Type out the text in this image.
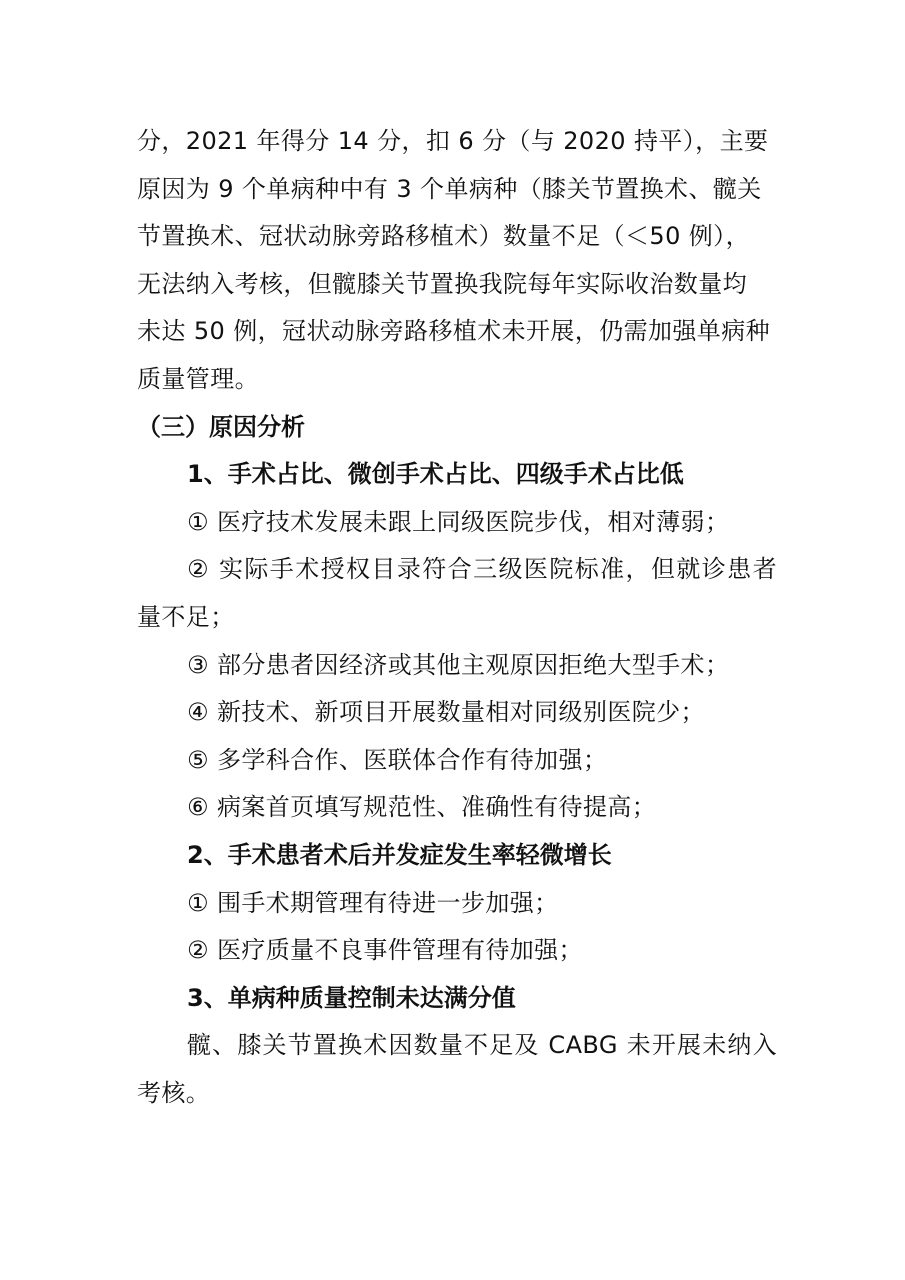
分，2021 年得分 14 分，扣 6 分（与 2020 持平），主要
原因为 9 个单病种中有 3 个单病种（膝关节置换术、髋关
节置换术、冠状动脉旁路移植术）数量不足（＜50 例），
无法纳入考核，但髋膝关节置换我院每年实际收治数量均
未达 50 例，冠状动脉旁路移植术未开展，仍需加强单病种
质量管理。

（三）原因分析

1、手术占比、微创手术占比、四级手术占比低

① 医疗技术发展未跟上同级医院步伐，相对薄弱；

② 实际手术授权目录符合三级医院标准，但就诊患者量不足；

③ 部分患者因经济或其他主观原因拒绝大型手术；

④ 新技术、新项目开展数量相对同级别医院少；

⑤ 多学科合作、医联体合作有待加强；

⑥ 病案首页填写规范性、准确性有待提高；

2、手术患者术后并发症发生率轻微增长

① 围手术期管理有待进一步加强；

② 医疗质量不良事件管理有待加强；

3、单病种质量控制未达满分值

髋、膝关节置换术因数量不足及 CABG 未开展未纳入考核。
